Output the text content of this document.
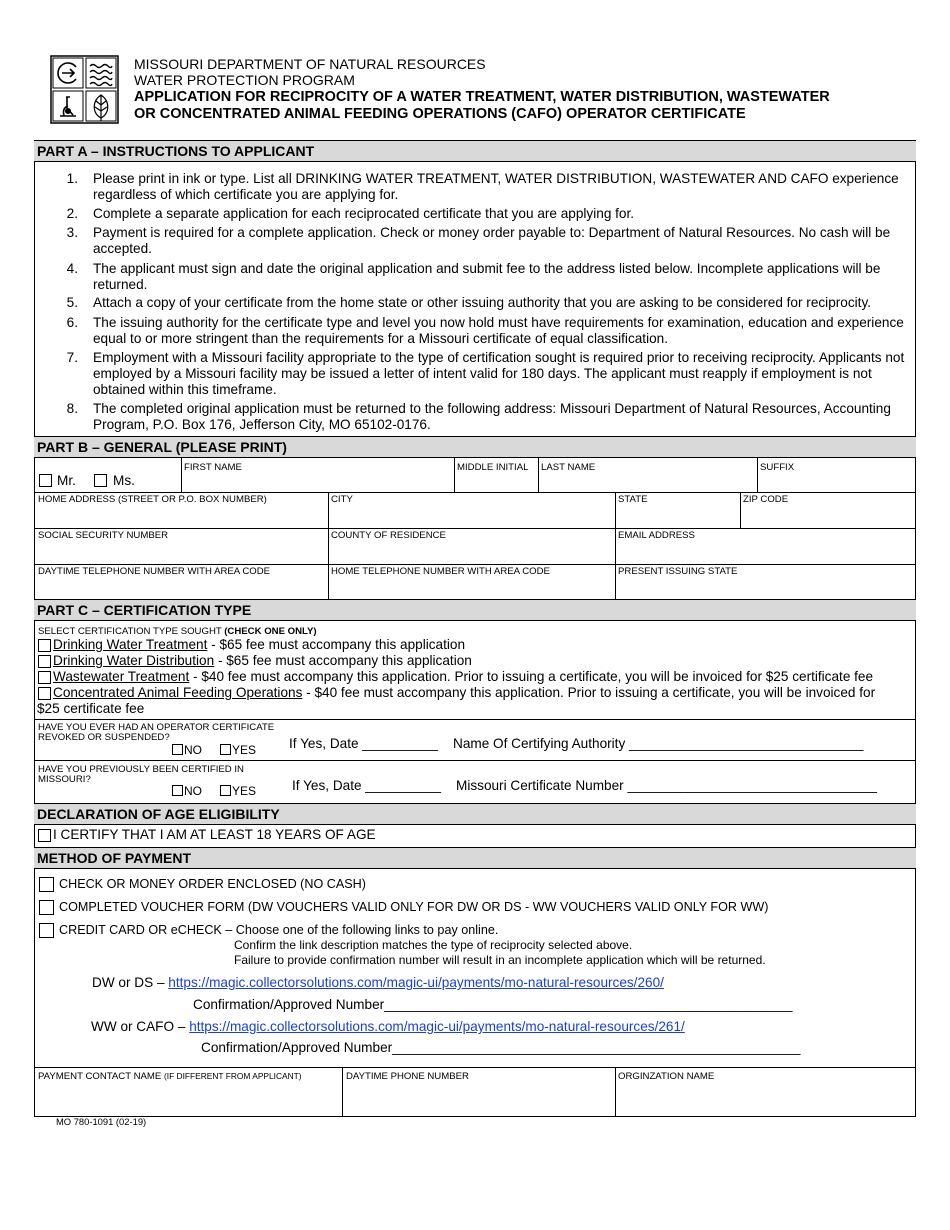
MISSOURI DEPARTMENT OF NATURAL RESOURCES
WATER PROTECTION PROGRAM
APPLICATION FOR RECIPROCITY OF A WATER TREATMENT, WATER DISTRIBUTION, WASTEWATER
OR CONCENTRATED ANIMAL FEEDING OPERATIONS (CAFO) OPERATOR CERTIFICATE
PART A – INSTRUCTIONS TO APPLICANT
1. Please print in ink or type. List all DRINKING WATER TREATMENT, WATER DISTRIBUTION, WASTEWATER AND CAFO experience regardless of which certificate you are applying for.
2. Complete a separate application for each reciprocated certificate that you are applying for.
3. Payment is required for a complete application. Check or money order payable to: Department of Natural Resources. No cash will be accepted.
4. The applicant must sign and date the original application and submit fee to the address listed below. Incomplete applications will be returned.
5. Attach a copy of your certificate from the home state or other issuing authority that you are asking to be considered for reciprocity.
6. The issuing authority for the certificate type and level you now hold must have requirements for examination, education and experience equal to or more stringent than the requirements for a Missouri certificate of equal classification.
7. Employment with a Missouri facility appropriate to the type of certification sought is required prior to receiving reciprocity. Applicants not employed by a Missouri facility may be issued a letter of intent valid for 180 days. The applicant must reapply if employment is not obtained within this timeframe.
8. The completed original application must be returned to the following address: Missouri Department of Natural Resources, Accounting Program, P.O. Box 176, Jefferson City, MO 65102-0176.
PART B – GENERAL (PLEASE PRINT)
Mr.	Ms.
FIRST NAME	MIDDLE INITIAL LAST NAME	SUFFIX
HOME ADDRESS (STREET OR P.O. BOX NUMBER)	CITY	STATE	ZIP CODE
SOCIAL SECURITY NUMBER	COUNTY OF RESIDENCE	EMAIL ADDRESS
DAYTIME TELEPHONE NUMBER WITH AREA CODE	HOME TELEPHONE NUMBER WITH AREA CODE	PRESENT ISSUING STATE
PART C – CERTIFICATION TYPE
SELECT CERTIFICATION TYPE SOUGHT (CHECK ONE ONLY)
Drinking Water Treatment - $65 fee must accompany this application
Drinking Water Distribution - $65 fee must accompany this application
Wastewater Treatment - $40 fee must accompany this application. Prior to issuing a certificate, you will be invoiced for $25 certificate fee
Concentrated Animal Feeding Operations - $40 fee must accompany this application. Prior to issuing a certificate, you will be invoiced for
$25 certificate fee
HAVE YOU EVER HAD AN OPERATOR CERTIFICATE
REVOKED OR SUSPENDED?
NO	YES If Yes, Date __________ Name Of Certifying Authority _______________________________
HAVE YOU PREVIOUSLY BEEN CERTIFIED IN
MISSOURI?
NO	YES	If Yes, Date __________ Missouri Certificate Number _________________________________
DECLARATION OF AGE ELIGIBILITY
I CERTIFY THAT I AM AT LEAST 18 YEARS OF AGE
METHOD OF PAYMENT
CHECK OR MONEY ORDER ENCLOSED (NO CASH)
COMPLETED VOUCHER FORM (DW VOUCHERS VALID ONLY FOR DW OR DS - WW VOUCHERS VALID ONLY FOR WW)
CREDIT CARD OR eCHECK – Choose one of the following links to pay online.
Confirm the link description matches the type of reciprocity selected above.
Failure to provide confirmation number will result in an incomplete application which will be returned.
DW or DS – https://magic.collectorsolutions.com/magic-ui/payments/mo-natural-resources/260/
Confirmation/Approved Number______________________________________________________
WW or CAFO – https://magic.collectorsolutions.com/magic-ui/payments/mo-natural-resources/261/
Confirmation/Approved Number______________________________________________________
PAYMENT CONTACT NAME (IF DIFFERENT FROM APPLICANT)	DAYTIME PHONE NUMBER	ORGINZATION NAME
MO 780-1091 (02-19)
